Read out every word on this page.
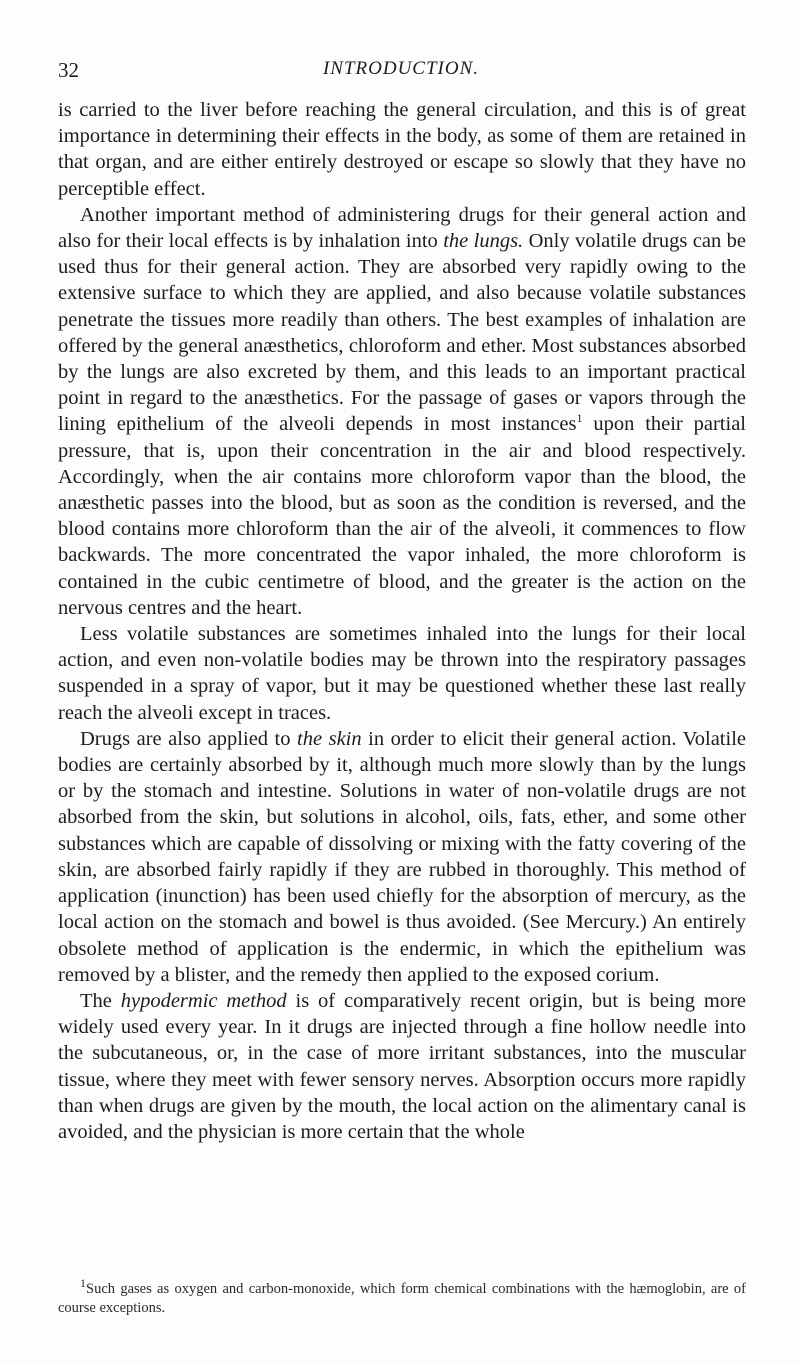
32	INTRODUCTION.

is carried to the liver before reaching the general circulation, and this is of great importance in determining their effects in the body, as some of them are retained in that organ, and are either entirely destroyed or escape so slowly that they have no perceptible effect.

Another important method of administering drugs for their general action and also for their local effects is by inhalation into the lungs. Only volatile drugs can be used thus for their general action. They are absorbed very rapidly owing to the extensive surface to which they are applied, and also because volatile substances penetrate the tissues more readily than others. The best examples of inhalation are offered by the general anæsthetics, chloroform and ether. Most substances absorbed by the lungs are also excreted by them, and this leads to an important practical point in regard to the anæsthetics. For the passage of gases or vapors through the lining epithelium of the alveoli depends in most instances$^1$ upon their partial pressure, that is, upon their concentration in the air and blood respectively. Accordingly, when the air contains more chloroform vapor than the blood, the anæsthetic passes into the blood, but as soon as the condition is reversed, and the blood contains more chloroform than the air of the alveoli, it commences to flow backwards. The more concentrated the vapor inhaled, the more chloroform is contained in the cubic centimetre of blood, and the greater is the action on the nervous centres and the heart.

Less volatile substances are sometimes inhaled into the lungs for their local action, and even non-volatile bodies may be thrown into the respiratory passages suspended in a spray of vapor, but it may be questioned whether these last really reach the alveoli except in traces.

Drugs are also applied to the skin in order to elicit their general action. Volatile bodies are certainly absorbed by it, although much more slowly than by the lungs or by the stomach and intestine. Solutions in water of non-volatile drugs are not absorbed from the skin, but solutions in alcohol, oils, fats, ether, and some other substances which are capable of dissolving or mixing with the fatty covering of the skin, are absorbed fairly rapidly if they are rubbed in thoroughly. This method of application (inunction) has been used chiefly for the absorption of mercury, as the local action on the stomach and bowel is thus avoided. (See Mercury.) An entirely obsolete method of application is the endermic, in which the epithelium was removed by a blister, and the remedy then applied to the exposed corium.

The hypodermic method is of comparatively recent origin, but is being more widely used every year. In it drugs are injected through a fine hollow needle into the subcutaneous, or, in the case of more irritant substances, into the muscular tissue, where they meet with fewer sensory nerves. Absorption occurs more rapidly than when drugs are given by the mouth, the local action on the alimentary canal is avoided, and the physician is more certain that the whole

$^1$Such gases as oxygen and carbon-monoxide, which form chemical combinations with the hæmoglobin, are of course exceptions.
